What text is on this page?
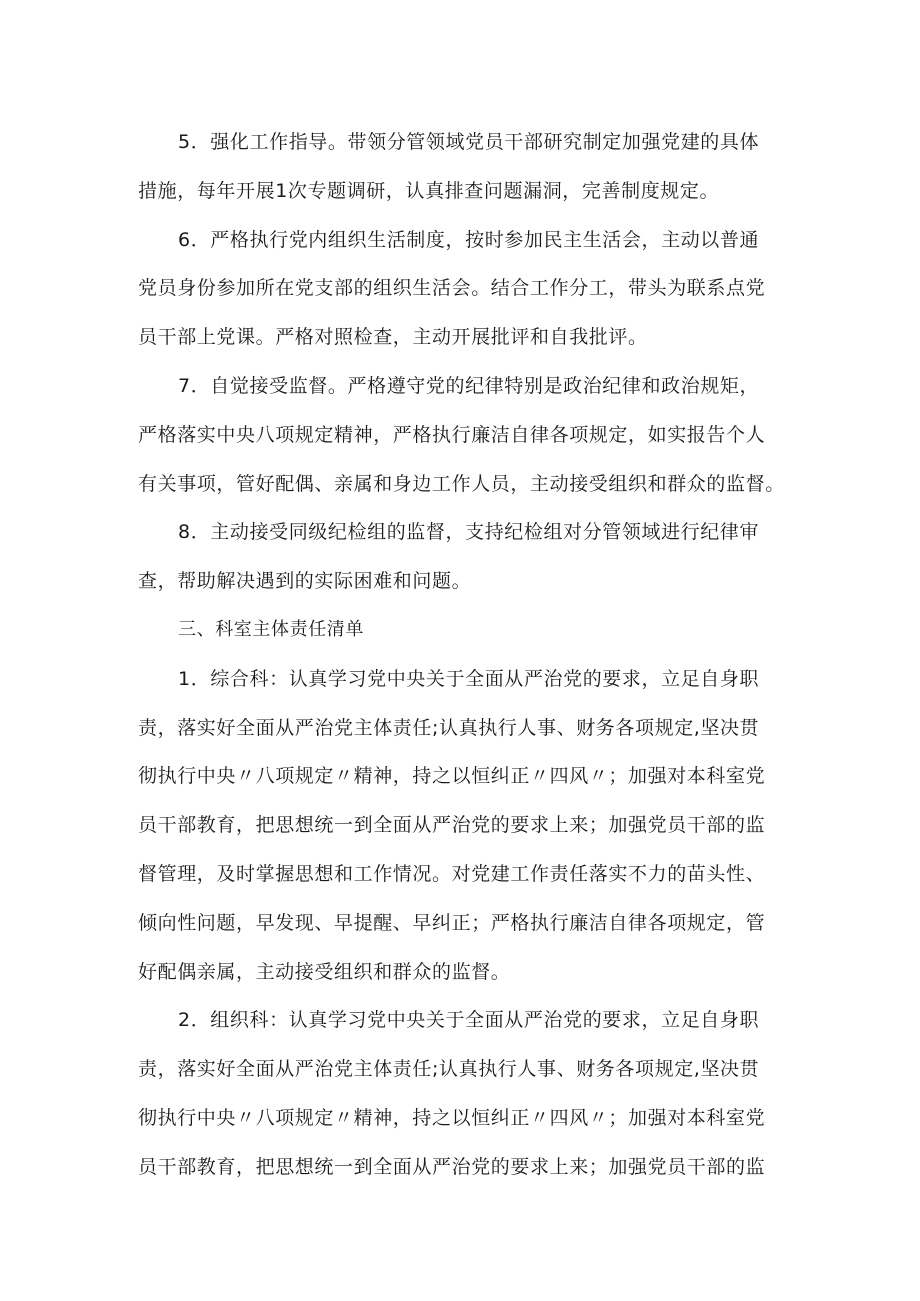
5．强化工作指导。带领分管领域党员干部研究制定加强党建的具体
措施，每年开展1次专题调研，认真排查问题漏洞，完善制度规定。

6．严格执行党内组织生活制度，按时参加民主生活会，主动以普通
党员身份参加所在党支部的组织生活会。结合工作分工，带头为联系点党
员干部上党课。严格对照检查，主动开展批评和自我批评。

7．自觉接受监督。严格遵守党的纪律特别是政治纪律和政治规矩，
严格落实中央八项规定精神，严格执行廉洁自律各项规定，如实报告个人
有关事项，管好配偶、亲属和身边工作人员，主动接受组织和群众的监督。

8．主动接受同级纪检组的监督，支持纪检组对分管领域进行纪律审
查，帮助解决遇到的实际困难和问题。

三、科室主体责任清单

1．综合科：认真学习党中央关于全面从严治党的要求，立足自身职
责，落实好全面从严治党主体责任;认真执行人事、财务各项规定,坚决贯
彻执行中央〃八项规定〃精神，持之以恒纠正〃四风〃；加强对本科室党
员干部教育，把思想统一到全面从严治党的要求上来；加强党员干部的监
督管理，及时掌握思想和工作情况。对党建工作责任落实不力的苗头性、
倾向性问题，早发现、早提醒、早纠正；严格执行廉洁自律各项规定，管
好配偶亲属，主动接受组织和群众的监督。

2．组织科：认真学习党中央关于全面从严治党的要求，立足自身职
责，落实好全面从严治党主体责任;认真执行人事、财务各项规定,坚决贯
彻执行中央〃八项规定〃精神，持之以恒纠正〃四风〃；加强对本科室党
员干部教育，把思想统一到全面从严治党的要求上来；加强党员干部的监
